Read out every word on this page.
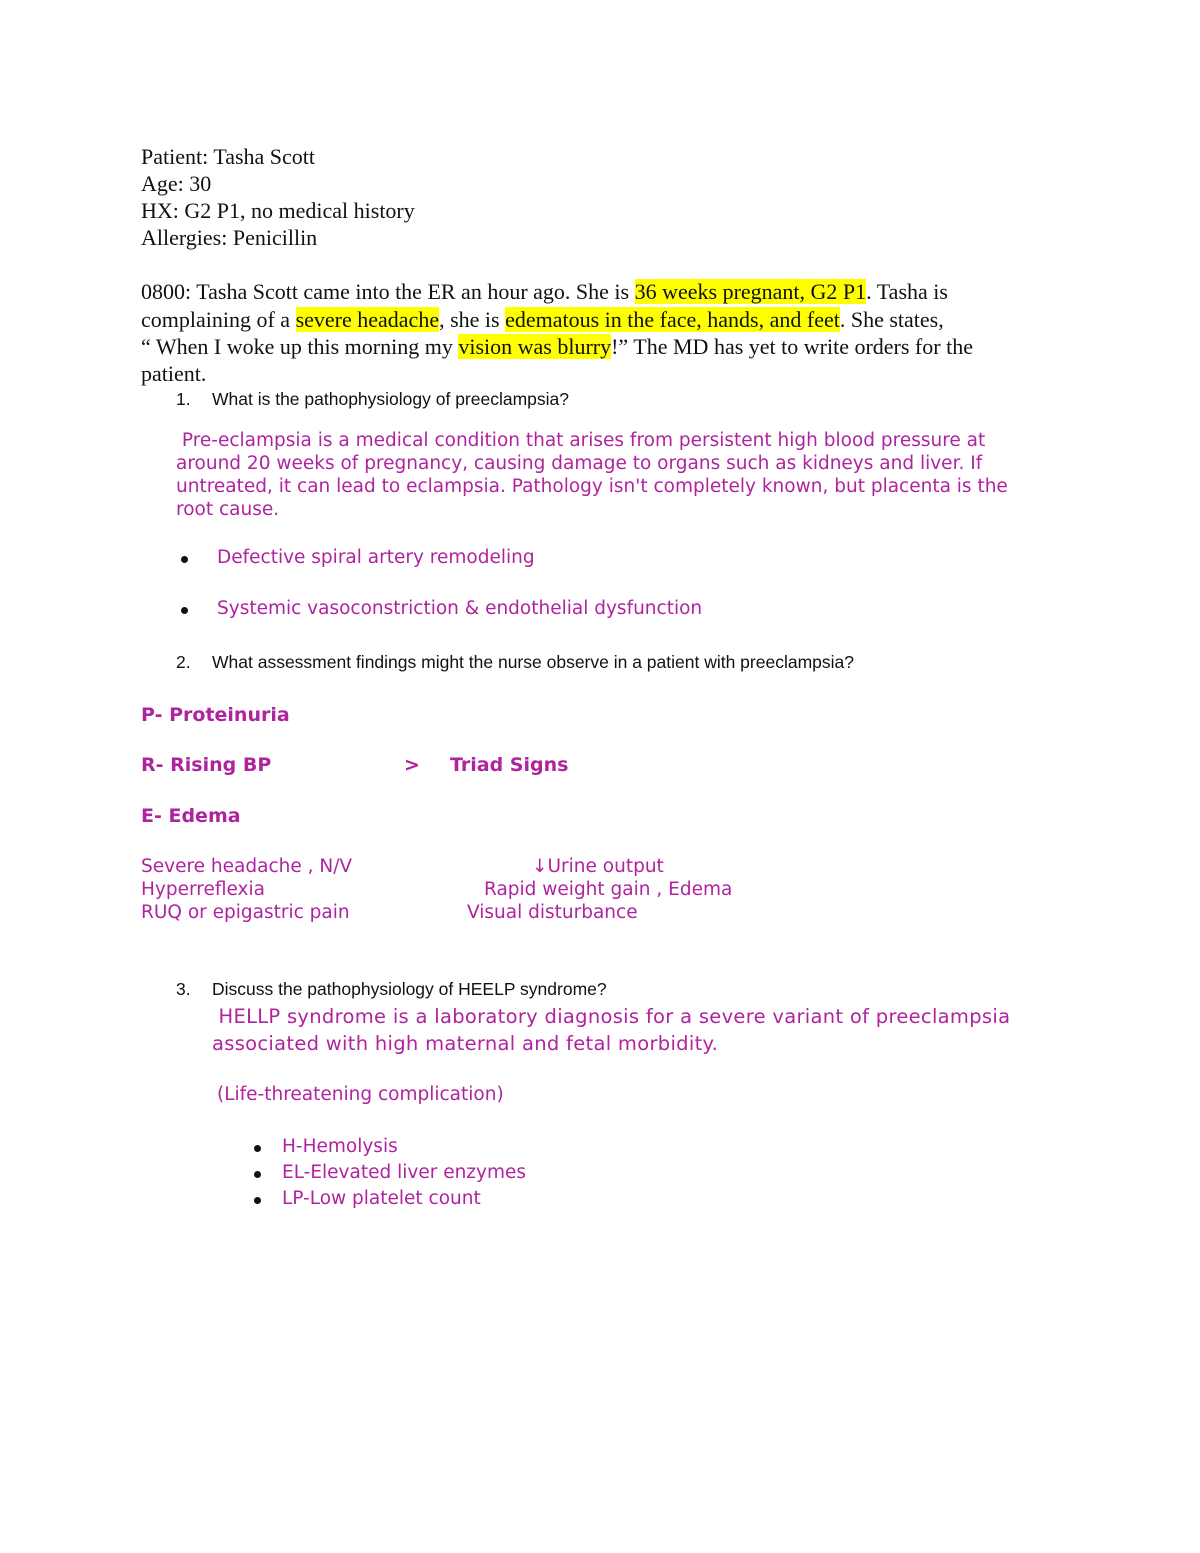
Patient: Tasha Scott
Age: 30
HX: G2 P1, no medical history
Allergies: Penicillin
0800: Tasha Scott came into the ER an hour ago. She is 36 weeks pregnant, G2 P1. Tasha is
complaining of a severe headache, she is edematous in the face, hands, and feet. She states,
“ When I woke up this morning my vision was blurry!” The MD has yet to write orders for the
patient.
1. What is the pathophysiology of preeclampsia?
Pre-eclampsia is a medical condition that arises from persistent high blood pressure at
around 20 weeks of pregnancy, causing damage to organs such as kidneys and liver. If
untreated, it can lead to eclampsia. Pathology isn't completely known, but placenta is the
root cause.
Defective spiral artery remodeling
Systemic vasoconstriction & endothelial dysfunction
2. What assessment findings might the nurse observe in a patient with preeclampsia?
P- Proteinuria
R- Rising BP	> Triad Signs
E- Edema
Severe headache , N/V
Hyperreflexia
RUQ or epigastric pain
↓Urine output
Rapid weight gain , Edema
Visual disturbance
3. Discuss the pathophysiology of HEELP syndrome?
HELLP syndrome is a laboratory diagnosis for a severe variant of preeclampsia
associated with high maternal and fetal morbidity.
(Life-threatening complication)
H-Hemolysis
EL-Elevated liver enzymes
LP-Low platelet count
